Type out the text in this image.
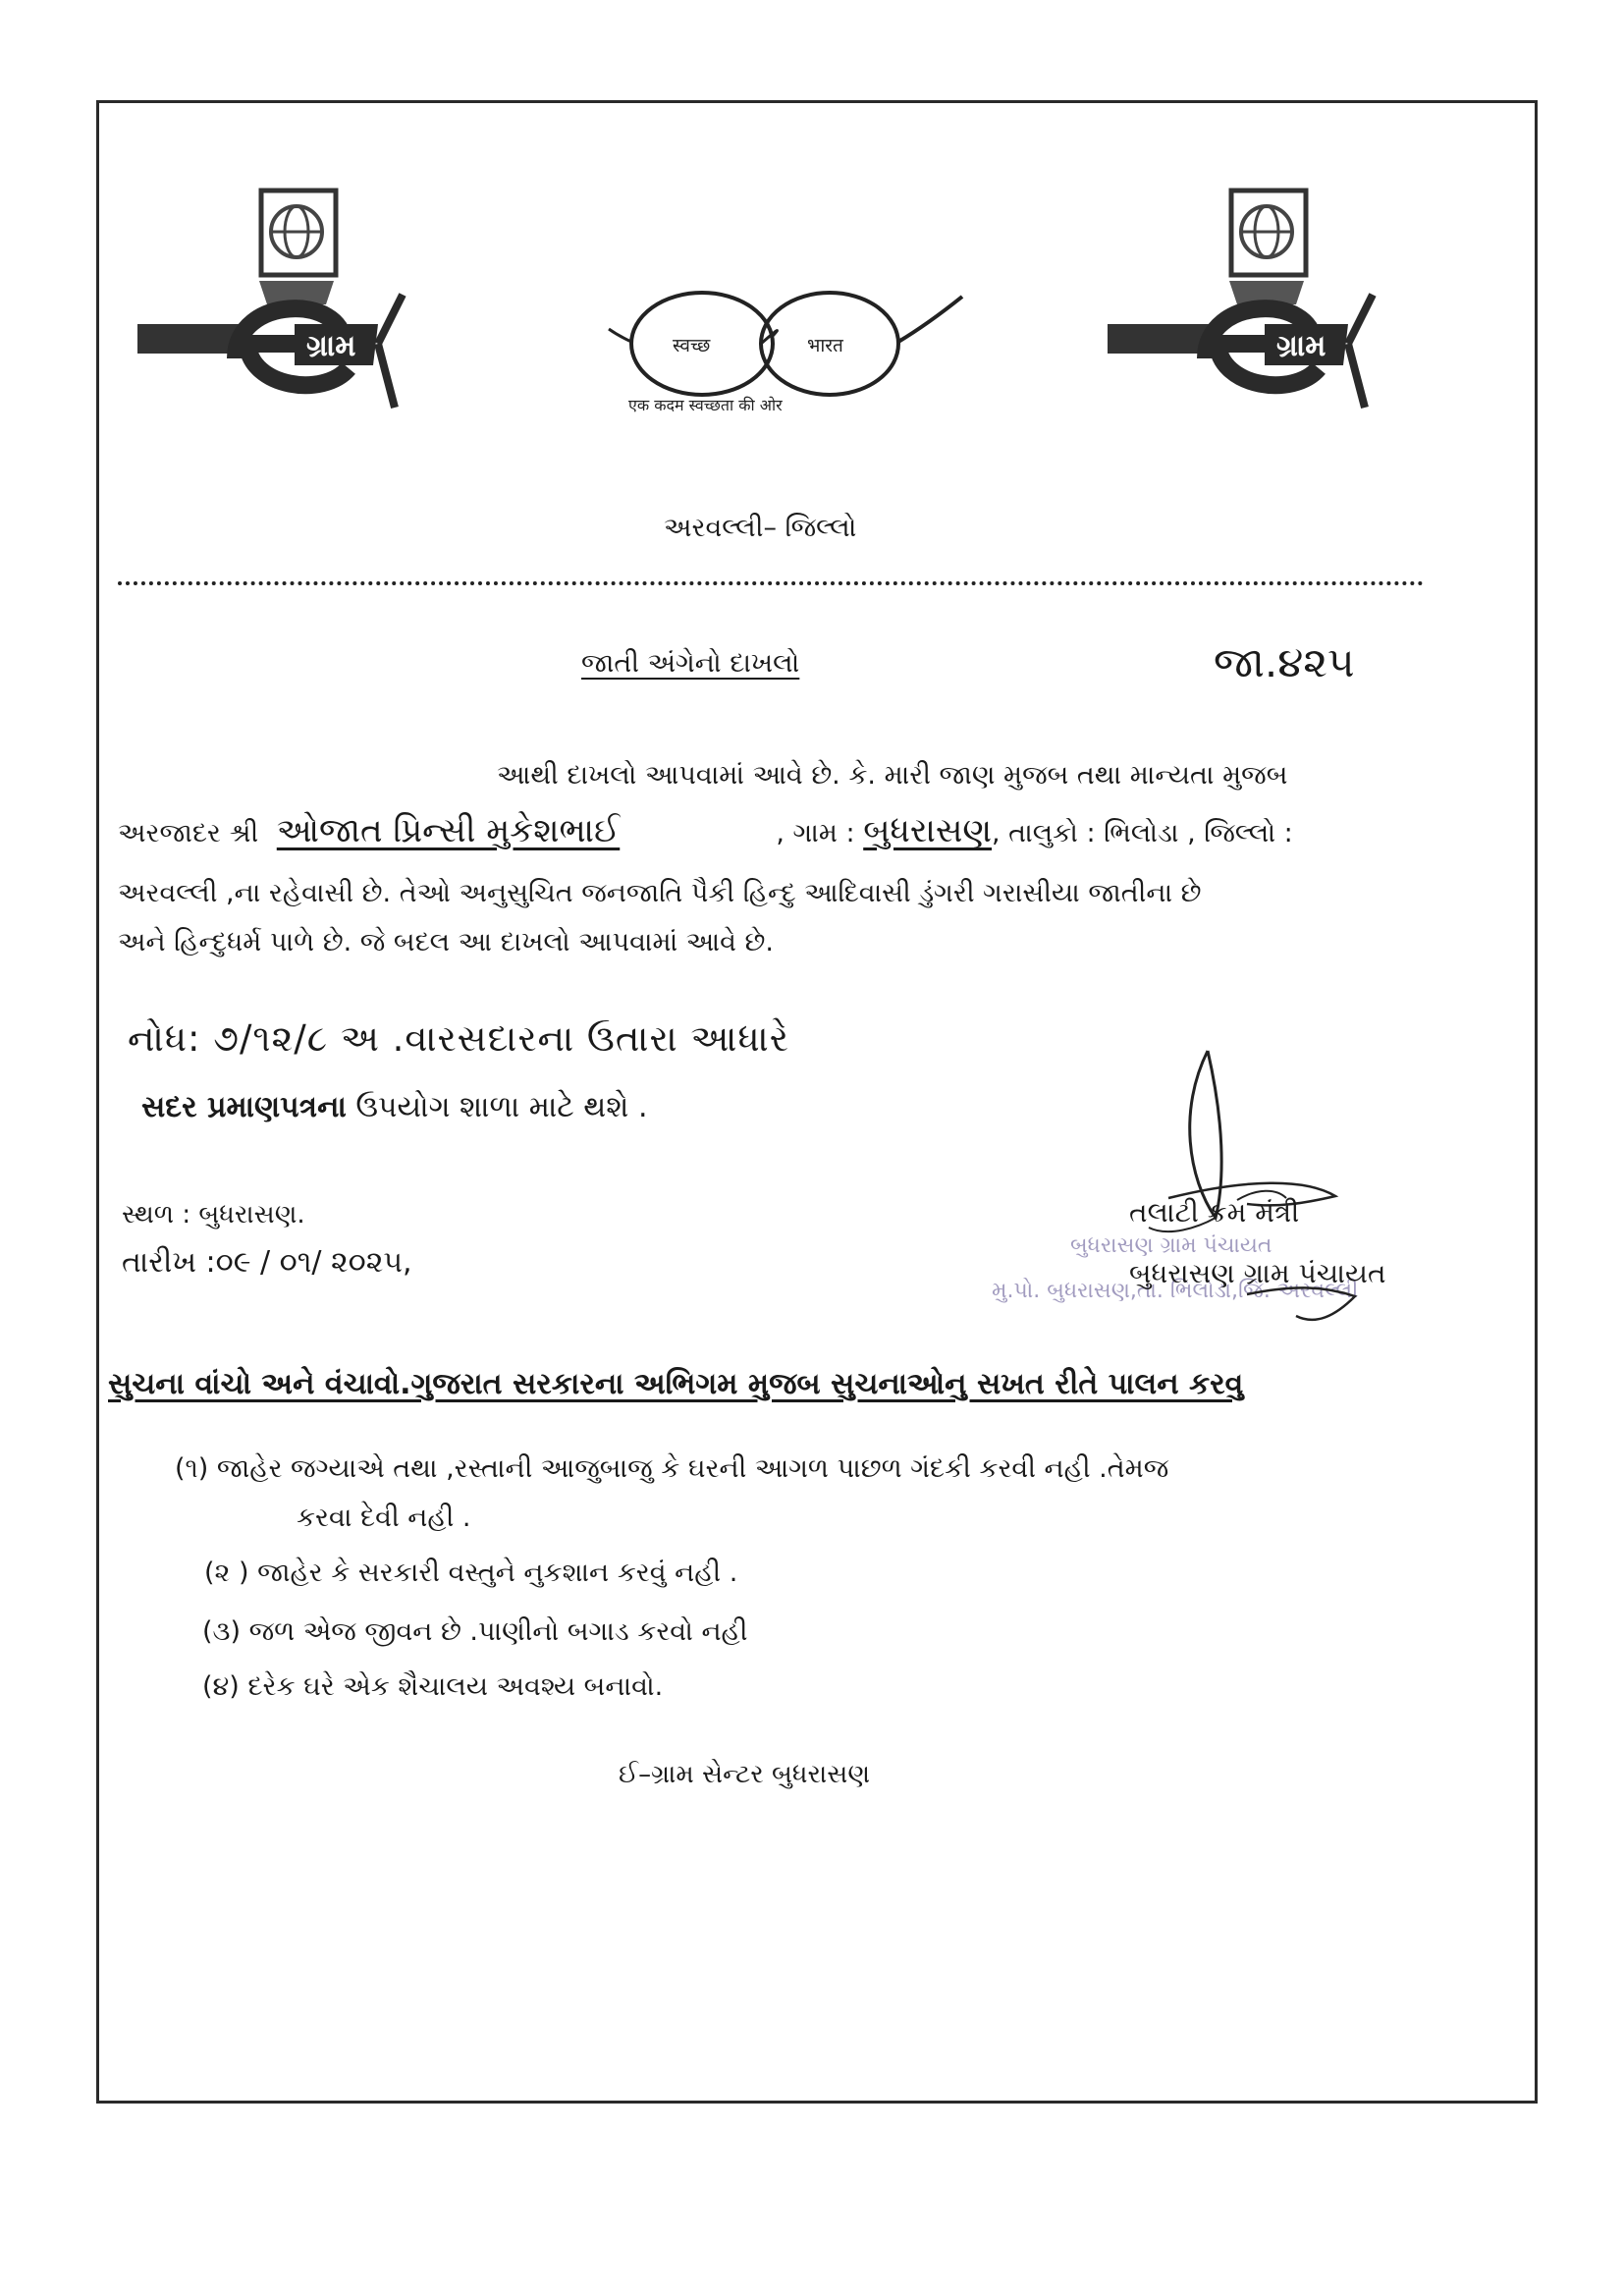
ગ્રામ	स्वच्छ	भारत
एक कदम स्वच्छता की ओर
ગ્રામ
અરવલ્લી– જિલ્લો
જાતી અંગેનો દાખલો	જા.૪૨૫
આથી દાખલો આપવામાં આવે છે. કે. મારી જાણ મુજબ તથા માન્યતા મુજબ
અરજાદર શ્રી ઓજાત પ્રિન્સી મુકેશભાઈ	, ગામ : બુધરાસણ, તાલુકો : ભિલોડા , જિલ્લો :
અરવલ્લી ,ના રહેવાસી છે. તેઓ અનુસુચિત જનજાતિ પૈકી હિન્દુ આદિવાસી ડુંગરી ગરાસીયા જાતીના છે
અને હિન્દુધર્મ પાળે છે. જે બદલ આ દાખલો આપવામાં આવે છે.
નોધ: ૭/૧૨/૮ અ .વારસદારના ઉતારા આધારે
સદર પ્રમાણપત્રના ઉપયોગ શાળા માટે થશે .
સ્થળ : બુધરાસણ.
તારીખ :૦૯ / ૦૧/ ૨૦૨૫,	બુધરાસણ ગ્રામ પંચાયત
મુ.પો. બુધરાસણ,તા. ભિલોડા,જિ. અરવલ્લી
તલાટી કમ મંત્રી
બુધરાસણ ગ્રામ પંચાયત
સુચના વાંચો અને વંચાવો.ગુજરાત સરકારના અભિગમ મુજબ સુચનાઓનુ સખત રીતે પાલન કરવુ
(૧) જાહેર જગ્યાએ તથા ,રસ્તાની આજુબાજુ કે ઘરની આગળ પાછળ ગંદકી કરવી નહી .તેમજ
કરવા દેવી નહી .
(૨ ) જાહેર કે સરકારી વસ્તુને નુકશાન કરવું નહી .
(૩) જળ એજ જીવન છે .પાણીનો બગાડ કરવો નહી
(૪) દરેક ઘરે એક શૈચાલય અવશ્ય બનાવો.
ઈ–ગ્રામ સેન્ટર બુધરાસણ
